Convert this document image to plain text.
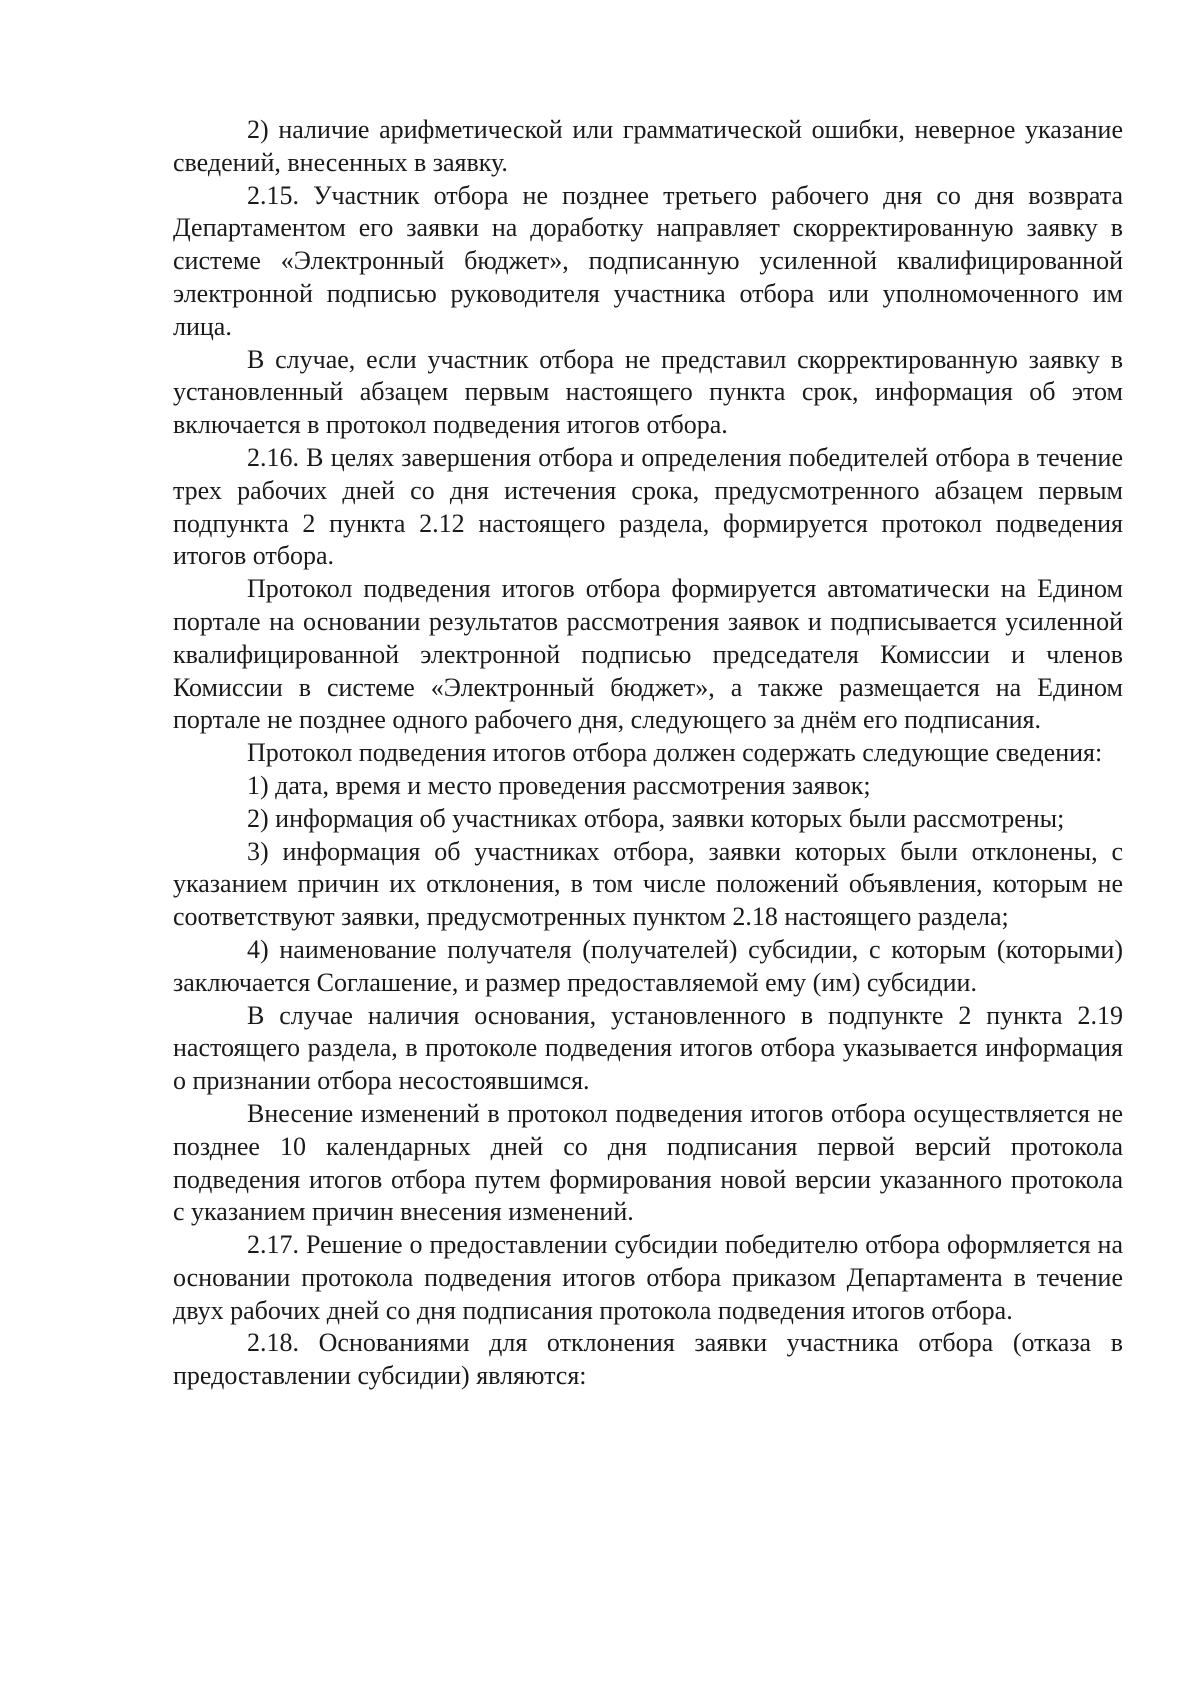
2) наличие арифметической или грамматической ошибки, неверное указание сведений, внесенных в заявку.

2.15. Участник отбора не позднее третьего рабочего дня со дня возврата Департаментом его заявки на доработку направляет скорректированную заявку в системе «Электронный бюджет», подписанную усиленной квалифицированной электронной подписью руководителя участника отбора или уполномоченного им лица.

В случае, если участник отбора не представил скорректированную заявку в установленный абзацем первым настоящего пункта срок, информация об этом включается в протокол подведения итогов отбора.

2.16. В целях завершения отбора и определения победителей отбора в течение трех рабочих дней со дня истечения срока, предусмотренного абзацем первым подпункта 2 пункта 2.12 настоящего раздела, формируется протокол подведения итогов отбора.

Протокол подведения итогов отбора формируется автоматически на Едином портале на основании результатов рассмотрения заявок и подписывается усиленной квалифицированной электронной подписью председателя Комиссии и членов Комиссии в системе «Электронный бюджет», а также размещается на Едином портале не позднее одного рабочего дня, следующего за днём его подписания.

Протокол подведения итогов отбора должен содержать следующие сведения:

1) дата, время и место проведения рассмотрения заявок;

2) информация об участниках отбора, заявки которых были рассмотрены;

3) информация об участниках отбора, заявки которых были отклонены, с указанием причин их отклонения, в том числе положений объявления, которым не соответствуют заявки, предусмотренных пунктом 2.18 настоящего раздела;

4) наименование получателя (получателей) субсидии, с которым (которыми) заключается Соглашение, и размер предоставляемой ему (им) субсидии.

В случае наличия основания, установленного в подпункте 2 пункта 2.19 настоящего раздела, в протоколе подведения итогов отбора указывается информация о признании отбора несостоявшимся.

Внесение изменений в протокол подведения итогов отбора осуществляется не позднее 10 календарных дней со дня подписания первой версий протокола подведения итогов отбора путем формирования новой версии указанного протокола с указанием причин внесения изменений.

2.17. Решение о предоставлении субсидии победителю отбора оформляется на основании протокола подведения итогов отбора приказом Департамента в течение двух рабочих дней со дня подписания протокола подведения итогов отбора.

2.18. Основаниями для отклонения заявки участника отбора (отказа в предоставлении субсидии) являются:
